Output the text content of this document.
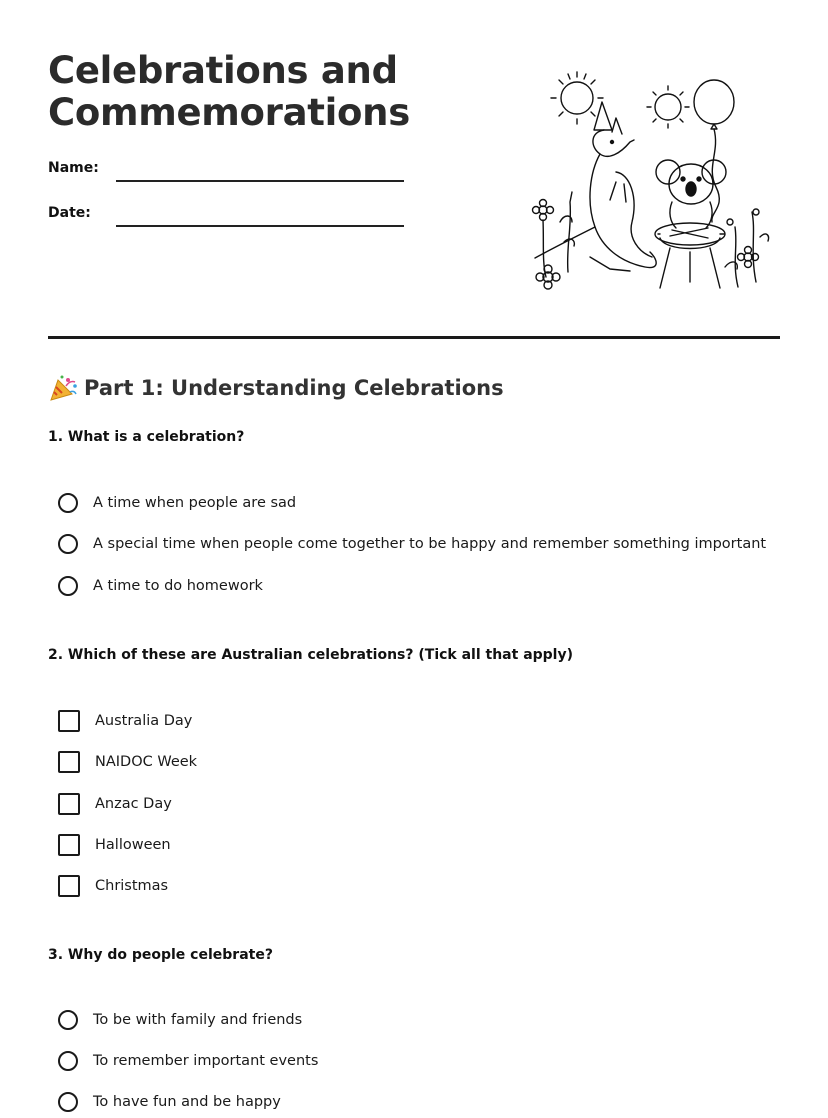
Celebrations and Commemorations
Name:
Date:
Part 1: Understanding Celebrations

1. What is a celebration?

A time when people are sad
A special time when people come together to be happy and remember something important
A time to do homework

2. Which of these are Australian celebrations? (Tick all that apply)

Australia Day
NAIDOC Week
Anzac Day
Halloween
Christmas

3. Why do people celebrate?

To be with family and friends
To remember important events
To have fun and be happy
